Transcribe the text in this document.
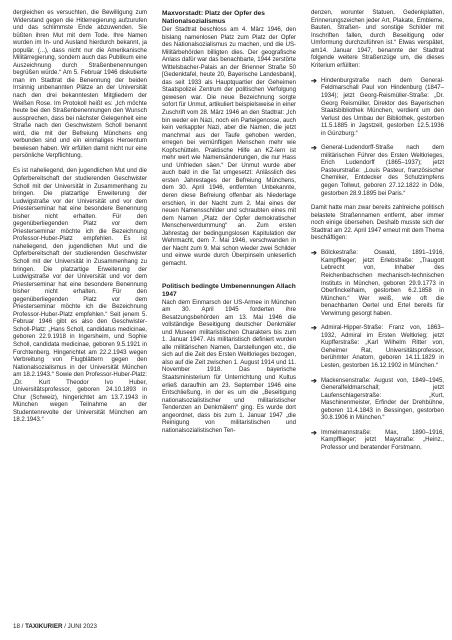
dergleichen es versuchten, die Bewilligung zum Widerstand gegen die Hitlerregierung aufzurufen und das schlimmste Ende abzuwenden. Sie büßten ihren Mut mit dem Tode. Ihre Namen wurden im In- und Ausland hierdurch bekannt, ja populär. (...), dass nicht nur die Amerikanische Militärregierung, sondern auch das Publikum eine Auszeichnung durch Straßenbenennungen begrüßen würde.“ Am 5. Februar 1946 diskutierte man im Stadtrat die Benennung der beiden Irrsinnig unbenannten Plätze an der Universität nach den drei bekanntesten Mitgliedern der Weißen Rose. Im Protokoll heißt es: „Ich möchte heute bei den Straßenbenennungen den Wunsch aussprechen, dass bei nächster Gelegenheit eine Straße nach den Geschwistern Scholl benannt wird, die mit der Befreiung Münchens eng verbunden sind und ein einmaliges Heroentum bewiesen haben. Wir erfüllen damit nicht nur eine persönliche Verpflichtung.

Es ist naheliegend, den jugendlichen Mut und die Opferbereitschaft der studierenden Geschwister Scholl mit der Universität in Zusammenhang zu bringen. Die platzartige Erweiterung der Ludwigstraße vor der Universität und vor dem Priesterseminar hat eine besondere Benennung bisher nicht erhalten. Für den gegenüberliegenden Platz vor dem Priesterseminar möchte ich die Bezeichnung Professor-Huber-Platz empfehlen. Es ist naheliegend, den jugendlichen Mut und die Opferbereitschaft der studierenden Geschwister Scholl mit der Universität in Zusammenhang zu bringen. Die platzartige Erweiterung der Ludwigstraße vor der Universität und vor dem Priesterseminar hat eine besondere Benennung bisher nicht erhalten. Für den gegenüberliegenden Platz vor dem Priesterseminar möchte ich die Bezeichnung Professor-Huber-Platz empfehlen.“ Seit jenem 5. Februar 1946 gibt es also den Geschwister-Scholl-Platz: „Hans Scholl, candidatus medicinae, geboren 22.9.1918 in Ingersheim, und Sophie Scholl, candidata medicinae, geboren 9.5.1921 in Forchtenberg. Hingerichtet am 22.2.1943 wegen Verbreitung von Flugblättern gegen den Nationalsozialismus in der Universität München am 18.2.1943.“ Sowie den Professor-Huber-Platz: „Dr. Kurt Theodor Ivo Huber, Universitätsprofessor, geboren 24.10.1893 in Chur (Schweiz), hingerichtet am 13.7.1943 in München wegen Teilnahme an der Studentenrevolte der Universität München am 18.2.1943.“

Maxvorstadt: Platz der Opfer des Nationalsozialismus

Der Stadtrat beschloss am 4. März 1946, den bislang namenlosen Platz zum Platz der Opfer des Nationalsozialismus zu machen, und die US-Militärbehörden billigten dies. Der geografische Anlass dafür war das benachbarte, 1944 zerstörte Wittelsbacher-Palais an der Brienner Straße 50 [Gedenktafel, heute 20, Bayerische Landesbank], das seit 1933 als Hauptquartier der Geheimen Staatspolizei Zentrum der politischen Verfolgung gewesen war. Die neue Bezeichnung sorgte sofort für Unmut, artikuliert beispielsweise in einer Zuschrift vom 28. März 1946 an den Stadtrat: „Ich bin weder ein Nazi, noch ein Parteigenosse, auch kein verkappter Nazi, aber die Namen, die jetzt manchmal aus der Taufe gehoben werden, erregen bei vernünftigen Menschen mehr wie Kopfschütteln. Praktische Hilfe an KZ-lern ist mehr wert wie Namensänderungen, die nur Hass und Unfrieden säen.“ Der Unmut wurde aber auch bald in die Tat umgesetzt: Anlässlich des ersten Jahrestages der Befreiung Münchens, dem 30. April 1946, entfernten Unbekannte, deren diese Befreiung offenbar als Niederlage erschien, in der Nacht zum 2. Mai eines der neuen Namensschilder und schraubten eines mit dem Namen „Platz der Opfer demokratischer Menschenverdummung“ an. Zum ersten Jahrestag der bedingungslosen Kapitulation der Wehrmacht, dem 7. Mai 1946, verschwanden in der Nacht zum 9. Mai schon wieder zwei Schilder und einwe wurde durch Überpinseln unleserlich gemacht.

Politisch bedingte Umbenennungen Allach 1947

Nach dem Einmarsch der US-Armee in München am 30. April 1945 forderten ihre Besatzungsbehörden am 13. Mai 1946 die vollständige Beseitigung deutscher Denkmäler und Museen militaristischen Charakters bis zum 1. Januar 1947. Als militaristisch definiert wurden alle militärischen Namen, Darstellungen etc., die sich auf die Zeit des Ersten Weltkrieges bezogen, also auf die Zeit zwischen 1. August 1914 und 11. November 1918. Das bayerische Staatsministerium für Unterrichtung und Kultus erließ daraufhin am 23. September 1946 eine Entschließung, in der es um die „Beseitigung nationalsozialistischer und militaristischer Tendenzen an Denkmälern“ ging. Es wurde dort angeordnet, dass bis zum 1. Januar 1947 „die Reinigung von militaristischen und nationalsozialistischen Ten-

denzen, worunter Statuen, Gedenkplatten, Erinnerungszeichen jeder Art, Plakate, Embleme, Bauten, Straßen- und sonstige Schilder mit Inschriften fallen, durch Beseitigung oder Umformung durchzuführen ist.“ Etwas verspätet, am14. Januar 1947, benannte der Stadtrat folgende weitere Straßenzüge um, die dieses Kriterium erfüllten:

➔ Hindenburgstraße nach dem General-Feldmarschall Paul von Hindenburg (1847–1934); jetzt Georg-Reismüller-Straße: „Dr. Georg Reismüller, Direktor des Bayerischen Staatsbibliothek München, verdient um den Verlust des Umbau der Bibliothek, gestorben 11.5.1885 in Jagstzell, gestorben 12.5.1936 in Günzburg.“
➔ General-Ludendorff-Straße nach dem militärischen Führer des Ersten Weltkrieges, Erich Ludendorff (1865–1937); jetzt Pasteurstraße: „Louis Pasteur, französischer Chemiker, Entdecker des Schutzimpfens gegen Tollwut, geboren 27.12.1822 in Dôle, gestorben 28.9.1895 bei Paris.“

Damit hatte man zwar bereits zahlreiche politisch belastete Straßennamen entfernt, aber immer noch einige übersehen. Deshalb musste sich der Stadtrat am 22. April 1947 erneut mit dem Thema beschäftigen:

➔ Bölckestraße: Oswald, 1891–1916, Kampfflieger; jetzt Erlebstraße: „Traugott Lebrecht von, Inhaber des Reichenbachschen mechanisch-technischen Instituts in München, geboren 29.9.1773 in Oberfinckelhaim, gestorben 6.2.1858 in München.“ Wer weiß, wie oft die benachbarten Oertel und Ertel bereits für Verwirrung gesorgt haben.
➔ Admiral-Hipper-Straße: Franz von, 1863–1932, Admiral im Ersten Weltkrieg; jetzt Kupfferstraße: „Karl Wilhelm Ritter von, Geheimer Rat, Universitätsprofessor, berühmter Anatom, geboren 14.11.1829 in Lesten, gestorben 16.12.1902 in München.“
➔ Mackensenstraße: August von, 1849–1945, Generalfeldmarschall; jetzt Laufenschlagerstraße: „Kurt, Maschinenmeister, Erfinder der Drehbühne, geboren 11.4.1843 in Bessingen, gestorben 30.8.1906 in München.“
➔ Immelmannstraße: Max, 1890–1916, Kampfflieger; jetzt Maystraße: „Heinz., Professor und beratender Forstmann,
18 / TAXIKURIER / JUNI 2023
